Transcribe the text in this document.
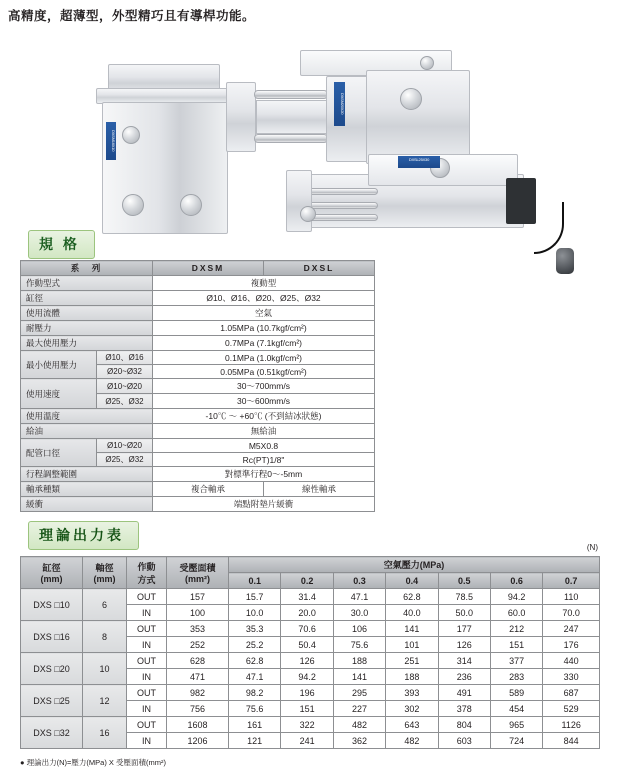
高精度，超薄型，外型精巧且有導桿功能。
DXSM16X10
DXSM20X20
DXSL25X30
規 格
系　列		DXSM	DXSL
作動型式		複動型	
缸徑		Ø10、Ø16、Ø20、Ø25、Ø32	
使用流體		空氣	
耐壓力		1.05MPa (10.7kgf/cm²)	
最大使用壓力		0.7MPa (7.1kgf/cm²)	
最小使用壓力	Ø10、Ø16	0.1MPa (1.0kgf/cm²)	
	Ø20~Ø32	0.05MPa (0.51kgf/cm²)	
使用速度	Ø10~Ø20	30～700mm/s	
	Ø25、Ø32	30～600mm/s	
使用溫度		-10℃ ～ +60℃ (不到結冰狀態)	
給油		無給油	
配管口徑	Ø10~Ø20	M5X0.8	
	Ø25、Ø32	Rc(PT)1/8"	
行程調整範圍		對標準行程0～-5mm	
軸承種類		複合軸承	線性軸承
緩衝		端點附墊片緩衝	
理論出力表
(N)
缸徑
(mm)

軸徑
(mm)

作動
方式

受壓面積
(mm²)
	空氣壓力(MPa)
				0.1	0.2	0.3	0.4	0.5	0.6	0.7
DXS □10	6	OUT	157	15.7	31.4	47.1	62.8	78.5	94.2	110
		IN	100	10.0	20.0	30.0	40.0	50.0	60.0	70.0
DXS □16	8	OUT	353	35.3	70.6	106	141	177	212	247
		IN	252	25.2	50.4	75.6	101	126	151	176
DXS □20	10	OUT	628	62.8	126	188	251	314	377	440
		IN	471	47.1	94.2	141	188	236	283	330
DXS □25	12	OUT	982	98.2	196	295	393	491	589	687
		IN	756	75.6	151	227	302	378	454	529
DXS □32	16	OUT	1608	161	322	482	643	804	965	1126
		IN	1206	121	241	362	482	603	724	844
● 理論出力(N)=壓力(MPa) X 受壓面積(mm²)
